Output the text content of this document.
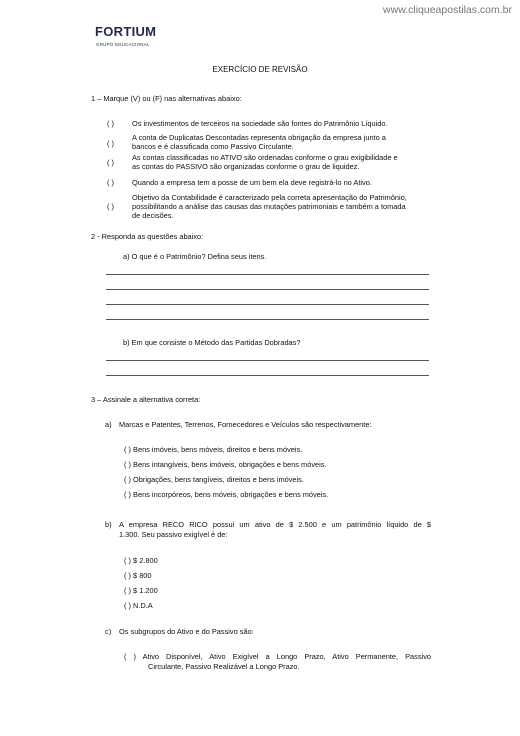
www.cliqueapostilas.com.br
FORTIUM
GRUPO EDUCACIONAL
EXERCÍCIO DE REVISÃO
1 – Marque (V) ou (F) nas alternativas abaixo:
( ) Os investimentos de terceiros na sociedade são fontes do Patrimônio Líquido.
( )
A conta de Duplicatas Descontadas representa obrigação da empresa junto a
bancos e é classificada como Passivo Circulante.
( )
As contas classificadas no ATIVO são ordenadas conforme o grau exigibilidade e
as contas do PASSIVO são organizadas conforme o grau de liquidez.
( ) Quando a empresa tem a posse de um bem ela deve registrá-lo no Ativo.
( )
Objetivo da Contabilidade é caracterizado pela correta apresentação do Patrimônio,
possibilitando a análise das causas das mutações patrimoniais e também a tomada
de decisões.
2 - Responda as questões abaixo:
a) O que é o Patrimônio? Defina seus itens.
b) Em que consiste o Método das Partidas Dobradas?
3 – Assinale a alternativa correta:
a) Marcas e Patentes, Terrenos, Fornecedores e Veículos são respectivamente:
( ) Bens imóveis, bens móveis, direitos e bens móveis.
( ) Bens intangíveis, bens imóveis, obrigações e bens móveis.
( ) Obrigações, bens tangíveis, direitos e bens imóveis.
( ) Bens incorpóreos, bens móveis, obrigações e bens móveis.
b) A empresa RECO RICO possui um ativo de $ 2.500 e um patrimônio líquido de $
1.300. Seu passivo exigível é de:
( ) $ 2.800
( ) $ 800
( ) $ 1.200
( ) N.D.A
c) Os subgrupos do Ativo e do Passivo são:
( ) Ativo Disponível, Ativo Exigível a Longo Prazo, Ativo Permanente, Passivo
Circulante, Passivo Realizável a Longo Prazo.
